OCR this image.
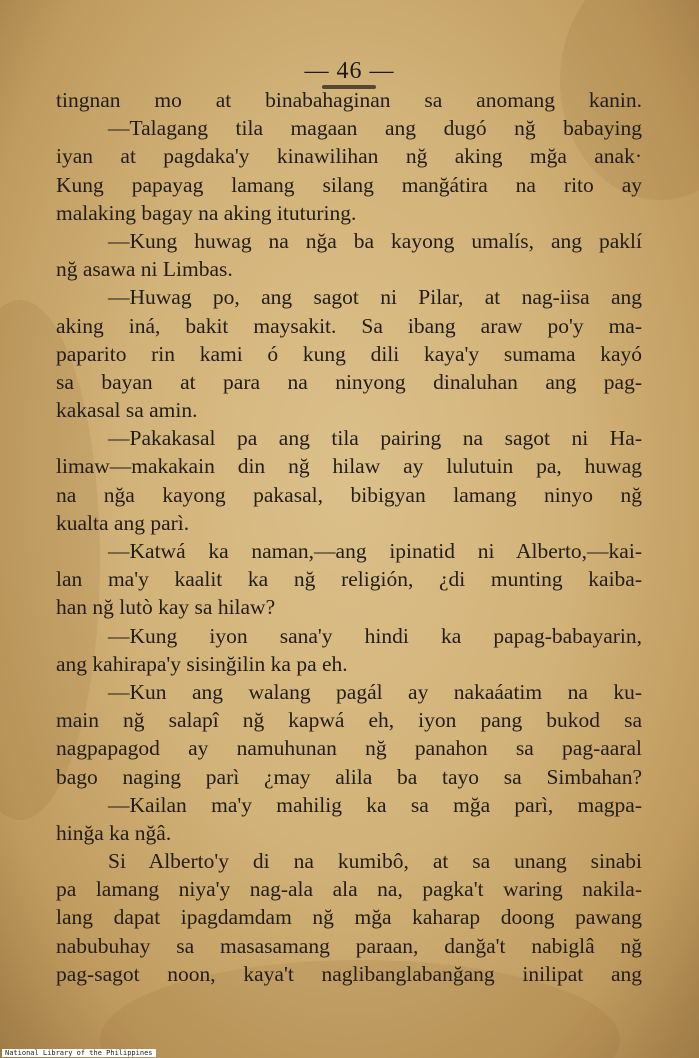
— 46 —
tingnan mo at binabahaginan sa anomang kanin.
—Talagang tila magaan ang dugó nğ babaying
iyan at pagdaka'y kinawilihan nğ aking mğa anak·
Kung papayag lamang silang manğátira na rito ay
malaking bagay na aking ituturing.
—Kung huwag na nğa ba kayong umalís, ang paklí
nğ asawa ni Limbas.
—Huwag po, ang sagot ni Pilar, at nag-iisa ang
aking iná, bakit maysakit. Sa ibang araw po'y ma-
paparito rin kami ó kung dili kaya'y sumama kayó
sa bayan at para na ninyong dinaluhan ang pag-
kakasal sa amin.
—Pakakasal pa ang tila pairing na sagot ni Ha-
limaw—makakain din nğ hilaw ay lulutuin pa, huwag
na nğa kayong pakasal, bibigyan lamang ninyo nğ
kualta ang parì.
—Katwá ka naman,—ang ipinatid ni Alberto,—kai-
lan ma'y kaalit ka nğ religión, ¿di munting kaiba-
han nğ lutò kay sa hilaw?
—Kung iyon sana'y hindi ka papag-babayarin,
ang kahirapa'y sisinğilin ka pa eh.
—Kun ang walang pagál ay nakaáatim na ku-
main nğ salapî nğ kapwá eh, iyon pang bukod sa
nagpapagod ay namuhunan nğ panahon sa pag-aaral
bago naging parì ¿may alila ba tayo sa Simbahan?
—Kailan ma'y mahilig ka sa mğa parì, magpa-
hinğa ka nğâ.
Si Alberto'y di na kumibô, at sa unang sinabi
pa lamang niya'y nag-ala ala na, pagka't waring nakila-
lang dapat ipagdamdam nğ mğa kaharap doong pawang
nabubuhay sa masasamang paraan, danğa't nabiglâ nğ
pag-sagot noon, kaya't naglibanglabanğang inilipat ang
National Library of the Philippines
